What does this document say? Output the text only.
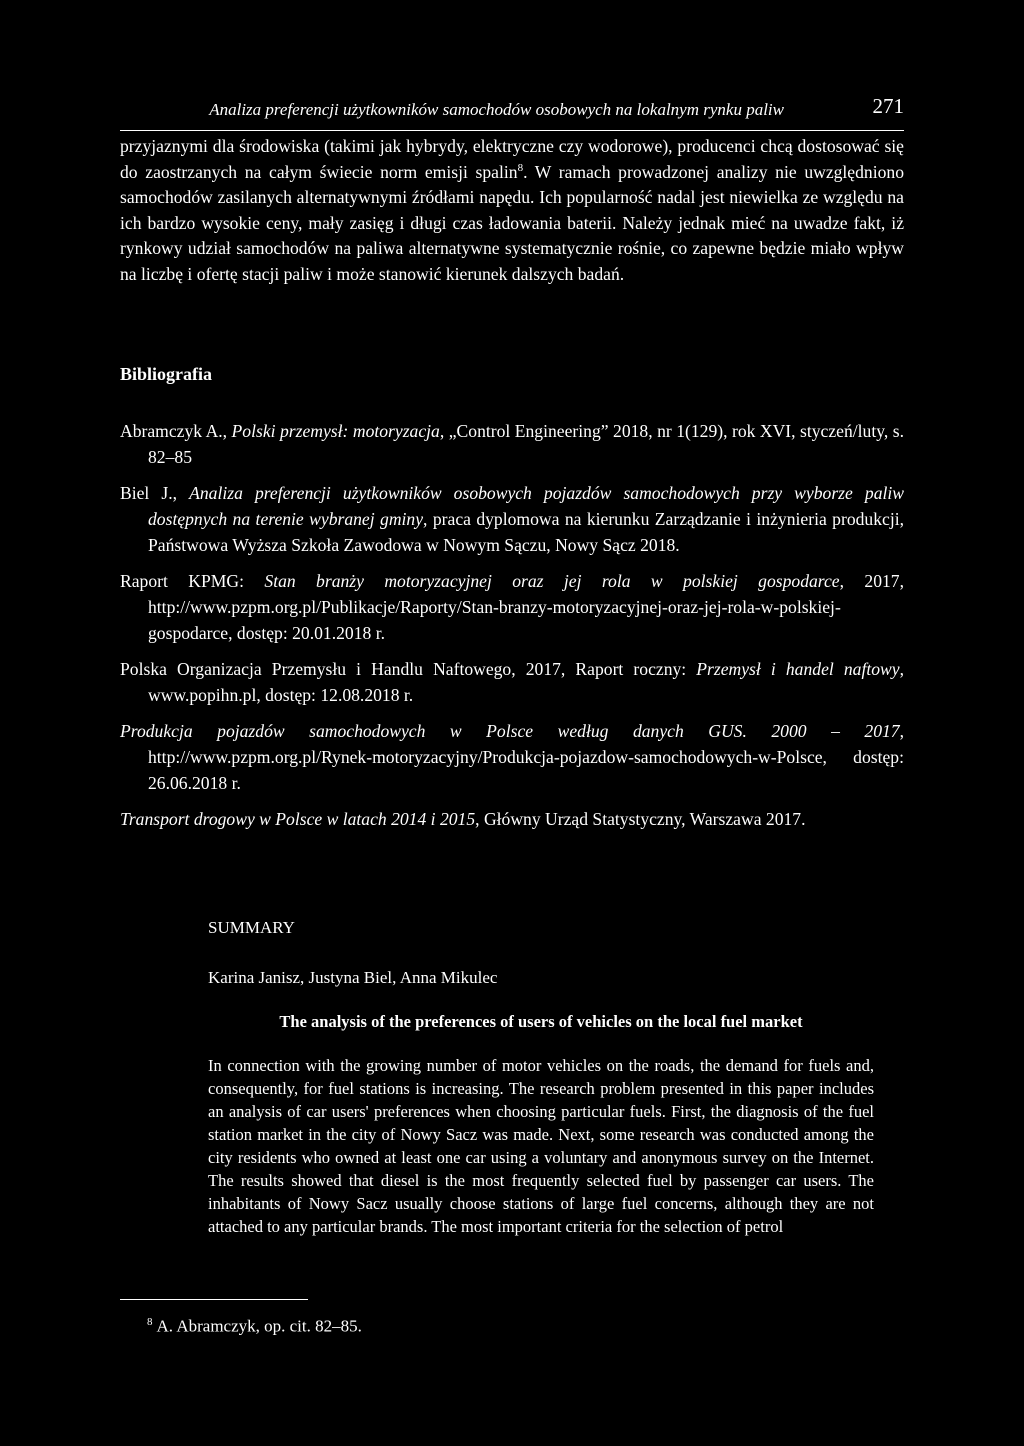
Analiza preferencji użytkowników samochodów osobowych na lokalnym rynku paliw	271

przyjaznymi dla środowiska (takimi jak hybrydy, elektryczne czy wodorowe), producenci chcą dostosować się do zaostrzanych na całym świecie norm emisji spalin$^8$. W ramach prowadzonej analizy nie uwzględniono samochodów zasilanych alternatywnymi źródłami napędu. Ich popularność nadal jest niewielka ze względu na ich bardzo wysokie ceny, mały zasięg i długi czas ładowania baterii. Należy jednak mieć na uwadze fakt, iż rynkowy udział samochodów na paliwa alternatywne systematycznie rośnie, co zapewne będzie miało wpływ na liczbę i ofertę stacji paliw i może stanowić kierunek dalszych badań.

Bibliografia

Abramczyk A., Polski przemysł: motoryzacja, „Control Engineering” 2018, nr 1(129), rok XVI, styczeń/luty, s. 82–85

Biel J., Analiza preferencji użytkowników osobowych pojazdów samochodowych przy wyborze paliw dostępnych na terenie wybranej gminy, praca dyplomowa na kierunku Zarządzanie i inżynieria produkcji, Państwowa Wyższa Szkoła Zawodowa w Nowym Sączu, Nowy Sącz 2018.

Raport KPMG: Stan branży motoryzacyjnej oraz jej rola w polskiej gospodarce, 2017, http://www.pzpm.org.pl/Publikacje/Raporty/Stan-branzy-motoryzacyjnej-oraz-jej-rola-w-polskiej-gospodarce, dostęp: 20.01.2018 r.

Polska Organizacja Przemysłu i Handlu Naftowego, 2017, Raport roczny: Przemysł i handel naftowy, www.popihn.pl, dostęp: 12.08.2018 r.

Produkcja pojazdów samochodowych w Polsce według danych GUS. 2000 – 2017, http://www.pzpm.org.pl/Rynek-motoryzacyjny/Produkcja-pojazdow-samochodowych-w-Polsce, dostęp: 26.06.2018 r.

Transport drogowy w Polsce w latach 2014 i 2015, Główny Urząd Statystyczny, Warszawa 2017.

SUMMARY

Karina Janisz, Justyna Biel, Anna Mikulec

The analysis of the preferences of users of vehicles on the local fuel market

In connection with the growing number of motor vehicles on the roads, the demand for fuels and, consequently, for fuel stations is increasing. The research problem presented in this paper includes an analysis of car users' preferences when choosing particular fuels. First, the diagnosis of the fuel station market in the city of Nowy Sacz was made. Next, some research was conducted among the city residents who owned at least one car using a voluntary and anonymous survey on the Internet. The results showed that diesel is the most frequently selected fuel by passenger car users. The inhabitants of Nowy Sacz usually choose stations of large fuel concerns, although they are not attached to any particular brands. The most important criteria for the selection of petrol

$^8$ A. Abramczyk, op. cit. 82–85.
